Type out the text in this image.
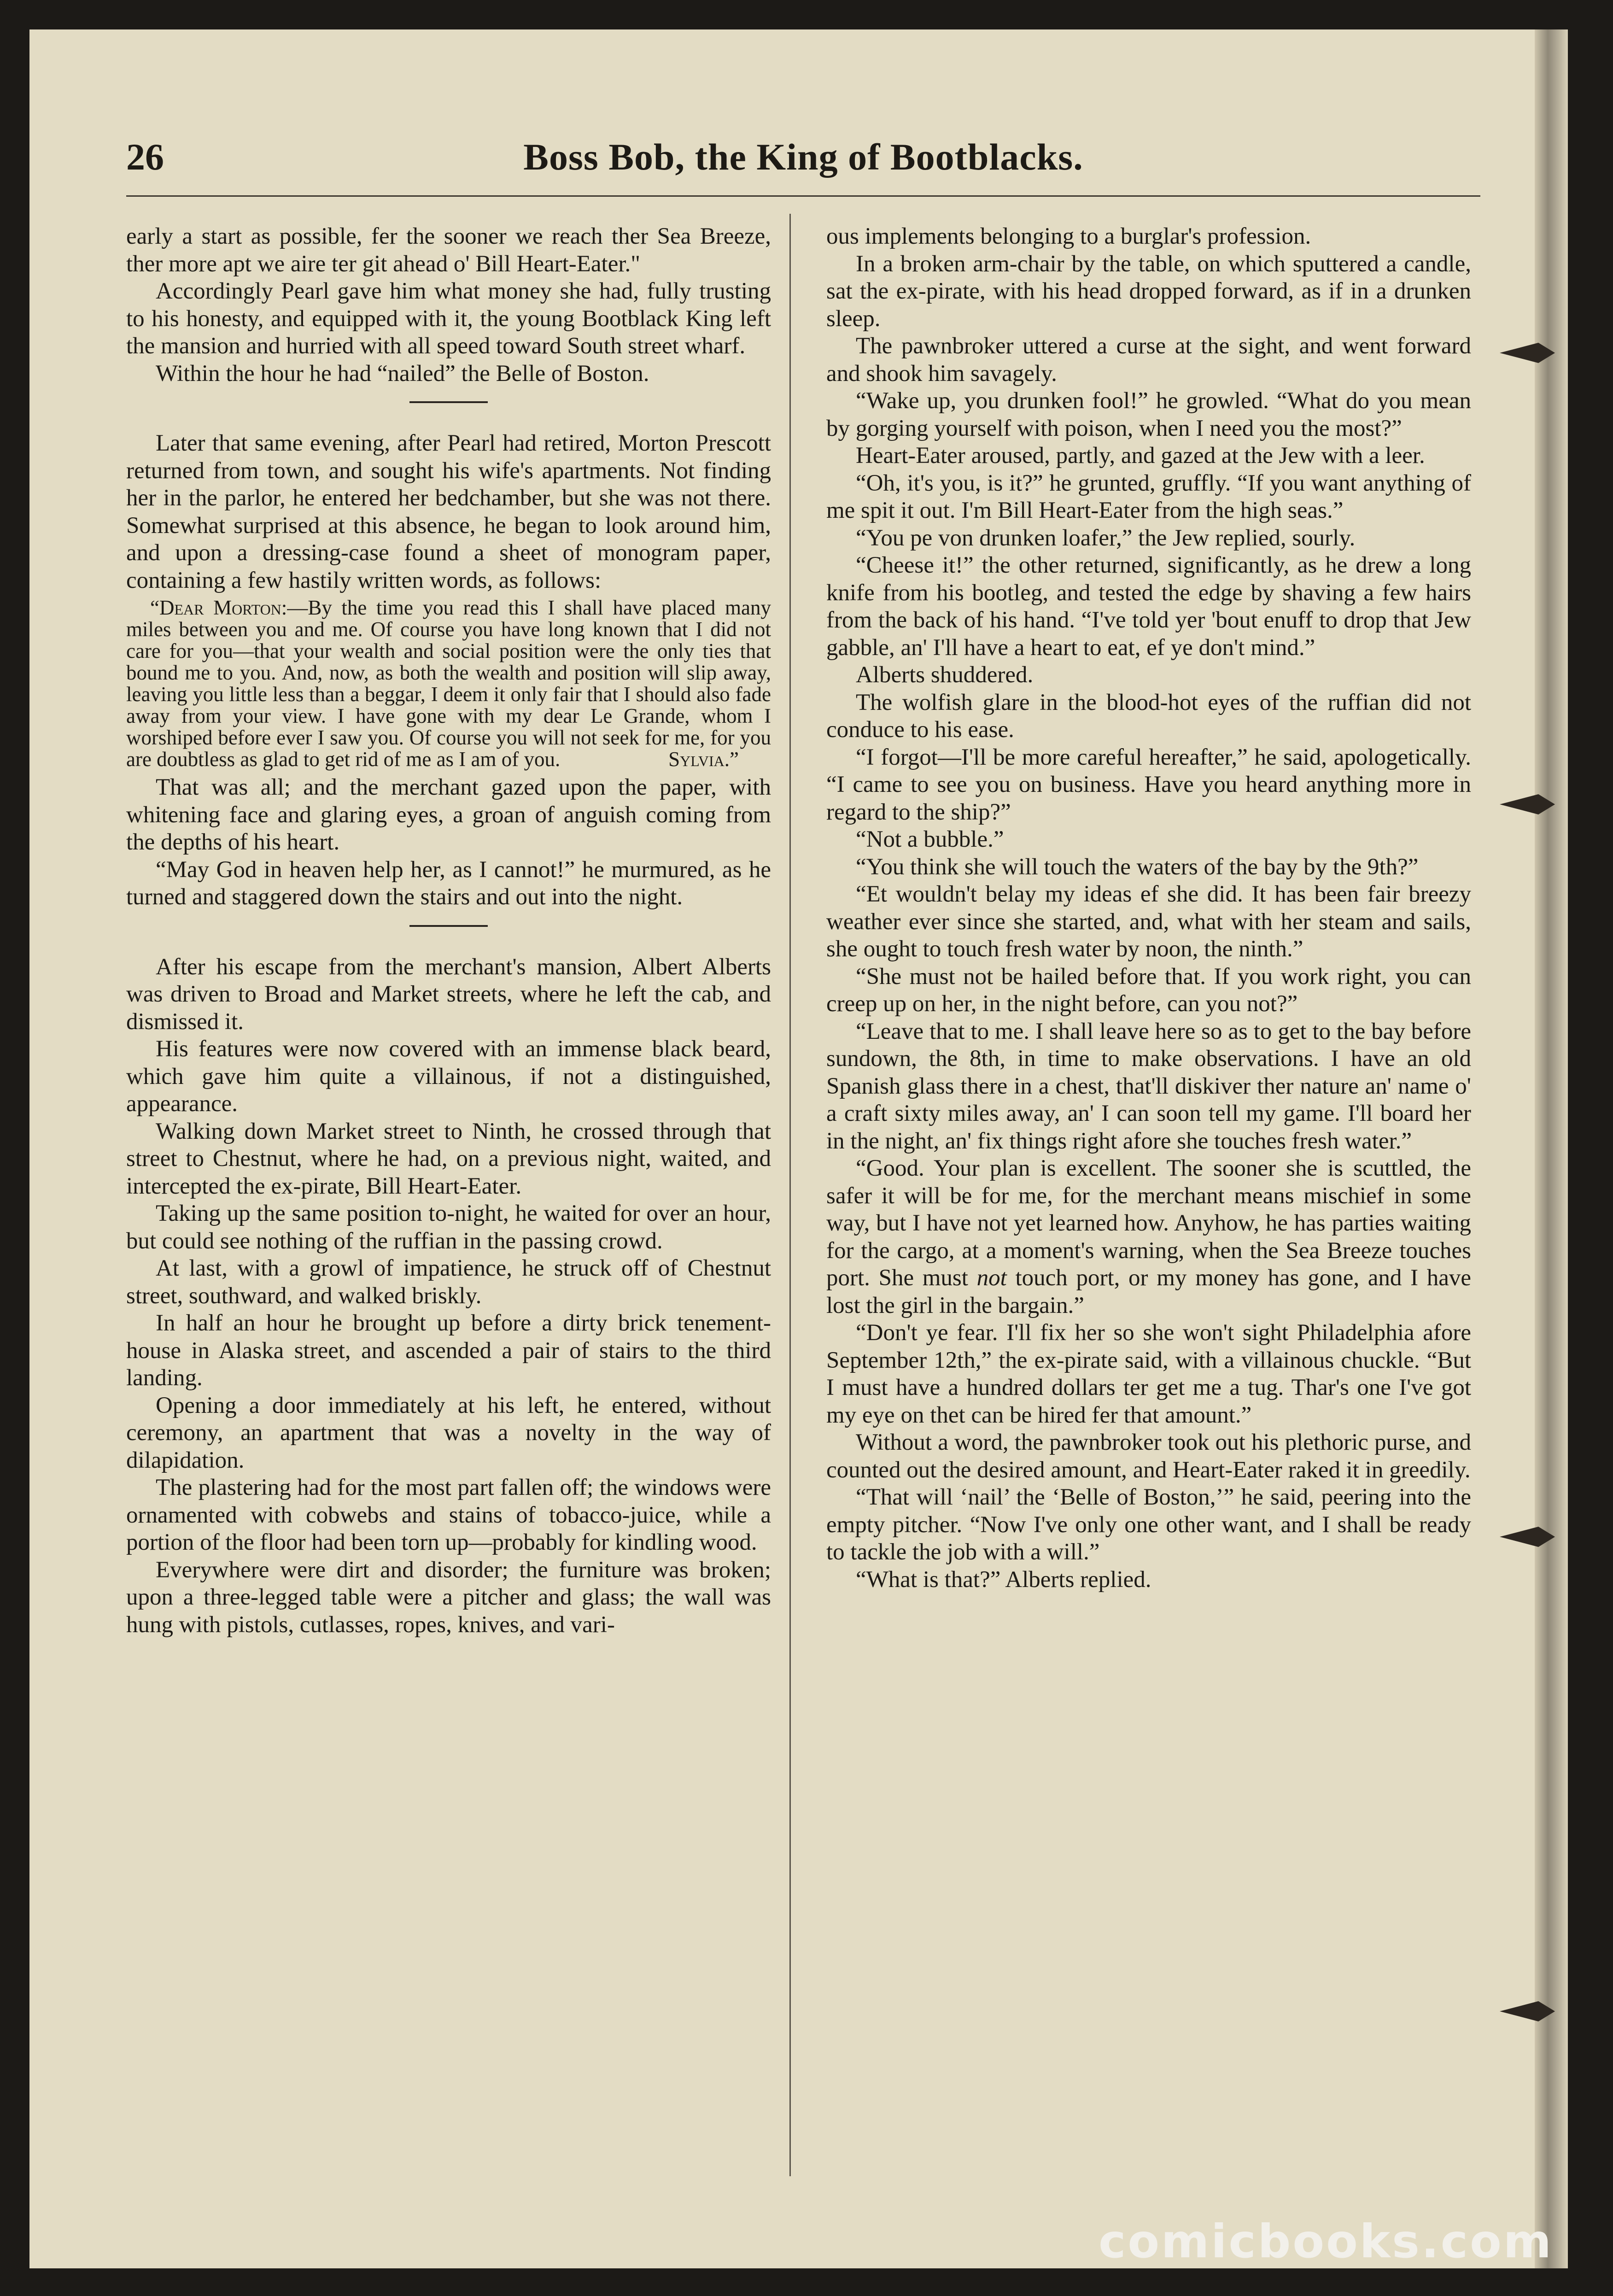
26	Boss Bob, the King of Bootblacks.

early a start as possible, fer the sooner we reach ther Sea Breeze, ther more apt we aire ter git ahead o' Bill Heart-Eater."

Accordingly Pearl gave him what money she had, fully trusting to his honesty, and equipped with it, the young Bootblack King left the mansion and hurried with all speed toward South street wharf.

Within the hour he had “nailed” the Belle of Boston.

Later that same evening, after Pearl had retired, Morton Prescott returned from town, and sought his wife's apartments. Not finding her in the parlor, he entered her bedchamber, but she was not there. Somewhat surprised at this absence, he began to look around him, and upon a dressing-case found a sheet of monogram paper, containing a few hastily written words, as follows:

“Dear Morton:—By the time you read this I shall have placed many miles between you and me. Of course you have long known that I did not care for you—that your wealth and social position were the only ties that bound me to you. And, now, as both the wealth and position will slip away, leaving you little less than a beggar, I deem it only fair that I should also fade away from your view. I have gone with my dear Le Grande, whom I worshiped before ever I saw you. Of course you will not seek for me, for you are doubtless as glad to get rid of me as I am of you.	Sylvia.”

That was all; and the merchant gazed upon the paper, with whitening face and glaring eyes, a groan of anguish coming from the depths of his heart.

“May God in heaven help her, as I cannot!” he murmured, as he turned and staggered down the stairs and out into the night.

After his escape from the merchant's mansion, Albert Alberts was driven to Broad and Market streets, where he left the cab, and dismissed it.

His features were now covered with an immense black beard, which gave him quite a villainous, if not a distinguished, appearance.

Walking down Market street to Ninth, he crossed through that street to Chestnut, where he had, on a previous night, waited, and intercepted the ex-pirate, Bill Heart-Eater.

Taking up the same position to-night, he waited for over an hour, but could see nothing of the ruffian in the passing crowd.

At last, with a growl of impatience, he struck off of Chestnut street, southward, and walked briskly.

In half an hour he brought up before a dirty brick tenement-house in Alaska street, and ascended a pair of stairs to the third landing.

Opening a door immediately at his left, he entered, without ceremony, an apartment that was a novelty in the way of dilapidation.

The plastering had for the most part fallen off; the windows were ornamented with cobwebs and stains of tobacco-juice, while a portion of the floor had been torn up—probably for kindling wood.

Everywhere were dirt and disorder; the furniture was broken; upon a three-legged table were a pitcher and glass; the wall was hung with pistols, cutlasses, ropes, knives, and vari-

ous implements belonging to a burglar's profession.

In a broken arm-chair by the table, on which sputtered a candle, sat the ex-pirate, with his head dropped forward, as if in a drunken sleep.

The pawnbroker uttered a curse at the sight, and went forward and shook him savagely.

“Wake up, you drunken fool!” he growled. “What do you mean by gorging yourself with poison, when I need you the most?”

Heart-Eater aroused, partly, and gazed at the Jew with a leer.

“Oh, it's you, is it?” he grunted, gruffly. “If you want anything of me spit it out. I'm Bill Heart-Eater from the high seas.”

“You pe von drunken loafer,” the Jew replied, sourly.

“Cheese it!” the other returned, significantly, as he drew a long knife from his bootleg, and tested the edge by shaving a few hairs from the back of his hand. “I've told yer 'bout enuff to drop that Jew gabble, an' I'll have a heart to eat, ef ye don't mind.”

Alberts shuddered.

The wolfish glare in the blood-hot eyes of the ruffian did not conduce to his ease.

“I forgot—I'll be more careful hereafter,” he said, apologetically. “I came to see you on business. Have you heard anything more in regard to the ship?”

“Not a bubble.”

“You think she will touch the waters of the bay by the 9th?”

“Et wouldn't belay my ideas ef she did. It has been fair breezy weather ever since she started, and, what with her steam and sails, she ought to touch fresh water by noon, the ninth.”

“She must not be hailed before that. If you work right, you can creep up on her, in the night before, can you not?”

“Leave that to me. I shall leave here so as to get to the bay before sundown, the 8th, in time to make observations. I have an old Spanish glass there in a chest, that'll diskiver ther nature an' name o' a craft sixty miles away, an' I can soon tell my game. I'll board her in the night, an' fix things right afore she touches fresh water.”

“Good. Your plan is excellent. The sooner she is scuttled, the safer it will be for me, for the merchant means mischief in some way, but I have not yet learned how. Anyhow, he has parties waiting for the cargo, at a moment's warning, when the Sea Breeze touches port. She must not touch port, or my money has gone, and I have lost the girl in the bargain.”

“Don't ye fear. I'll fix her so she won't sight Philadelphia afore September 12th,” the ex-pirate said, with a villainous chuckle. “But I must have a hundred dollars ter get me a tug. Thar's one I've got my eye on thet can be hired fer that amount.”

Without a word, the pawnbroker took out his plethoric purse, and counted out the desired amount, and Heart-Eater raked it in greedily.

“That will ‘nail’ the ‘Belle of Boston,’” he said, peering into the empty pitcher. “Now I've only one other want, and I shall be ready to tackle the job with a will.”

“What is that?” Alberts replied.

comicbooks.com
